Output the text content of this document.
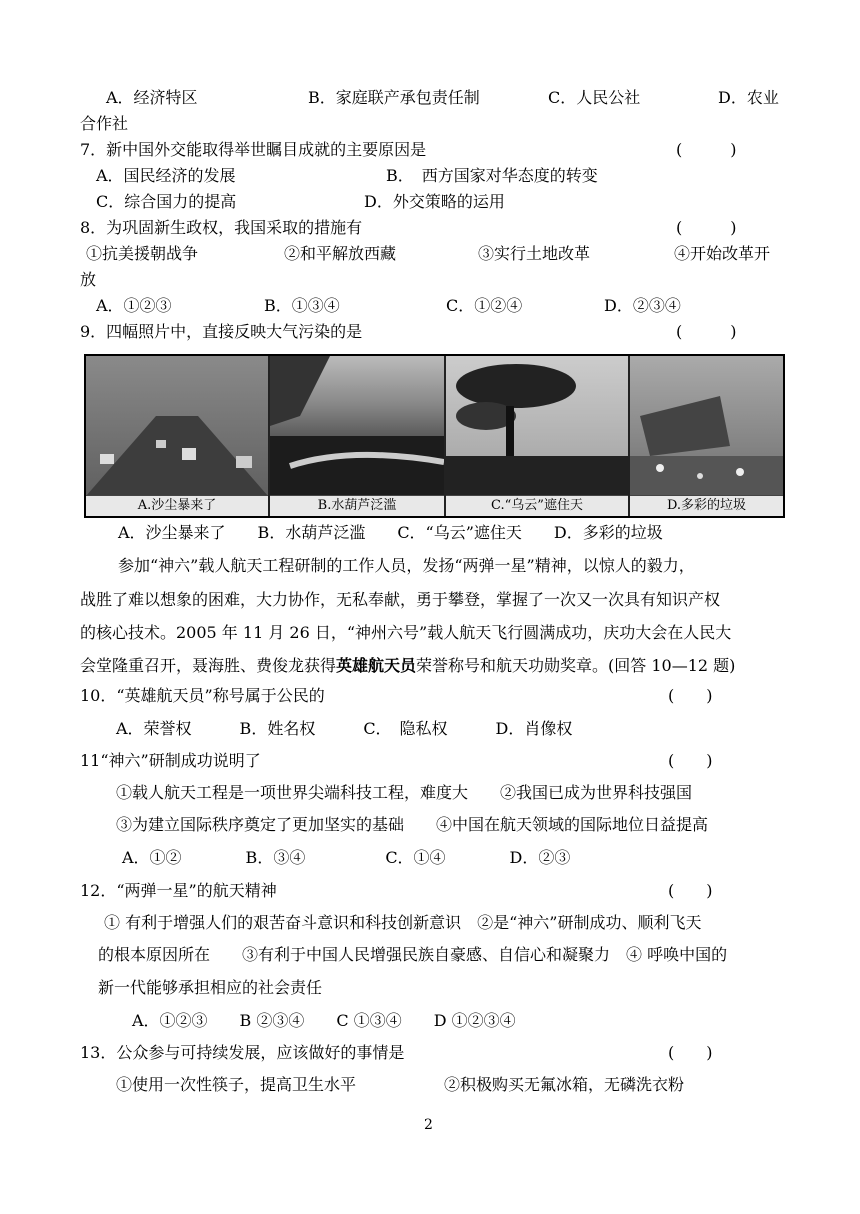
A．经济特区	B．家庭联产承包责任制	C．人民公社	D．农业
合作社
7．新中国外交能取得举世瞩目成就的主要原因是	(　　　)
A．国民经济的发展	B．　西方国家对华态度的转变
C．综合国力的提高	D．外交策略的运用
8．为巩固新生政权，我国采取的措施有	(　　　)
①抗美援朝战争	②和平解放西藏	③实行土地改革	④开始改革开
放
A．①②③	B．①③④	C．①②④	D．②③④
9．四幅照片中，直接反映大气污染的是	(　　　)
A.沙尘暴来了	B.水葫芦泛滥	C.“乌云”遮住天	D.多彩的垃圾
A．沙尘暴来了　　B．水葫芦泛滥　　C．“乌云”遮住天　　D．多彩的垃圾
参加“神六”载人航天工程研制的工作人员，发扬“两弹一星”精神，以惊人的毅力，
战胜了难以想象的困难，大力协作，无私奉献，勇于攀登，掌握了一次又一次具有知识产权
的核心技术。2005 年 11 月 26 日，“神州六号”载人航天飞行圆满成功，庆功大会在人民大
会堂隆重召开，聂海胜、费俊龙获得英雄航天员荣誉称号和航天功勋奖章。(回答 10—12 题)
10．“英雄航天员”称号属于公民的	(　　)
A．荣誉权　　　B．姓名权　　　C．　隐私权　　　D．肖像权
11“神六”研制成功说明了	(　　)
①载人航天工程是一项世界尖端科技工程，难度大　　②我国已成为世界科技强国
③为建立国际秩序奠定了更加坚实的基础　　④中国在航天领域的国际地位日益提高
A．①②　　　　B．③④　　　　　C．①④　　　　D．②③
12．“两弹一星”的航天精神	(　　)
① 有利于增强人们的艰苦奋斗意识和科技创新意识　②是“神六”研制成功、顺利飞天
的根本原因所在　　③有利于中国人民增强民族自豪感、自信心和凝聚力　④ 呼唤中国的
新一代能够承担相应的社会责任
A．①②③　　B ②③④　　C ①③④　　D ①②③④
13．公众参与可持续发展，应该做好的事情是	(　　)
①使用一次性筷子，提高卫生水平	②积极购买无氟冰箱，无磷洗衣粉
2
